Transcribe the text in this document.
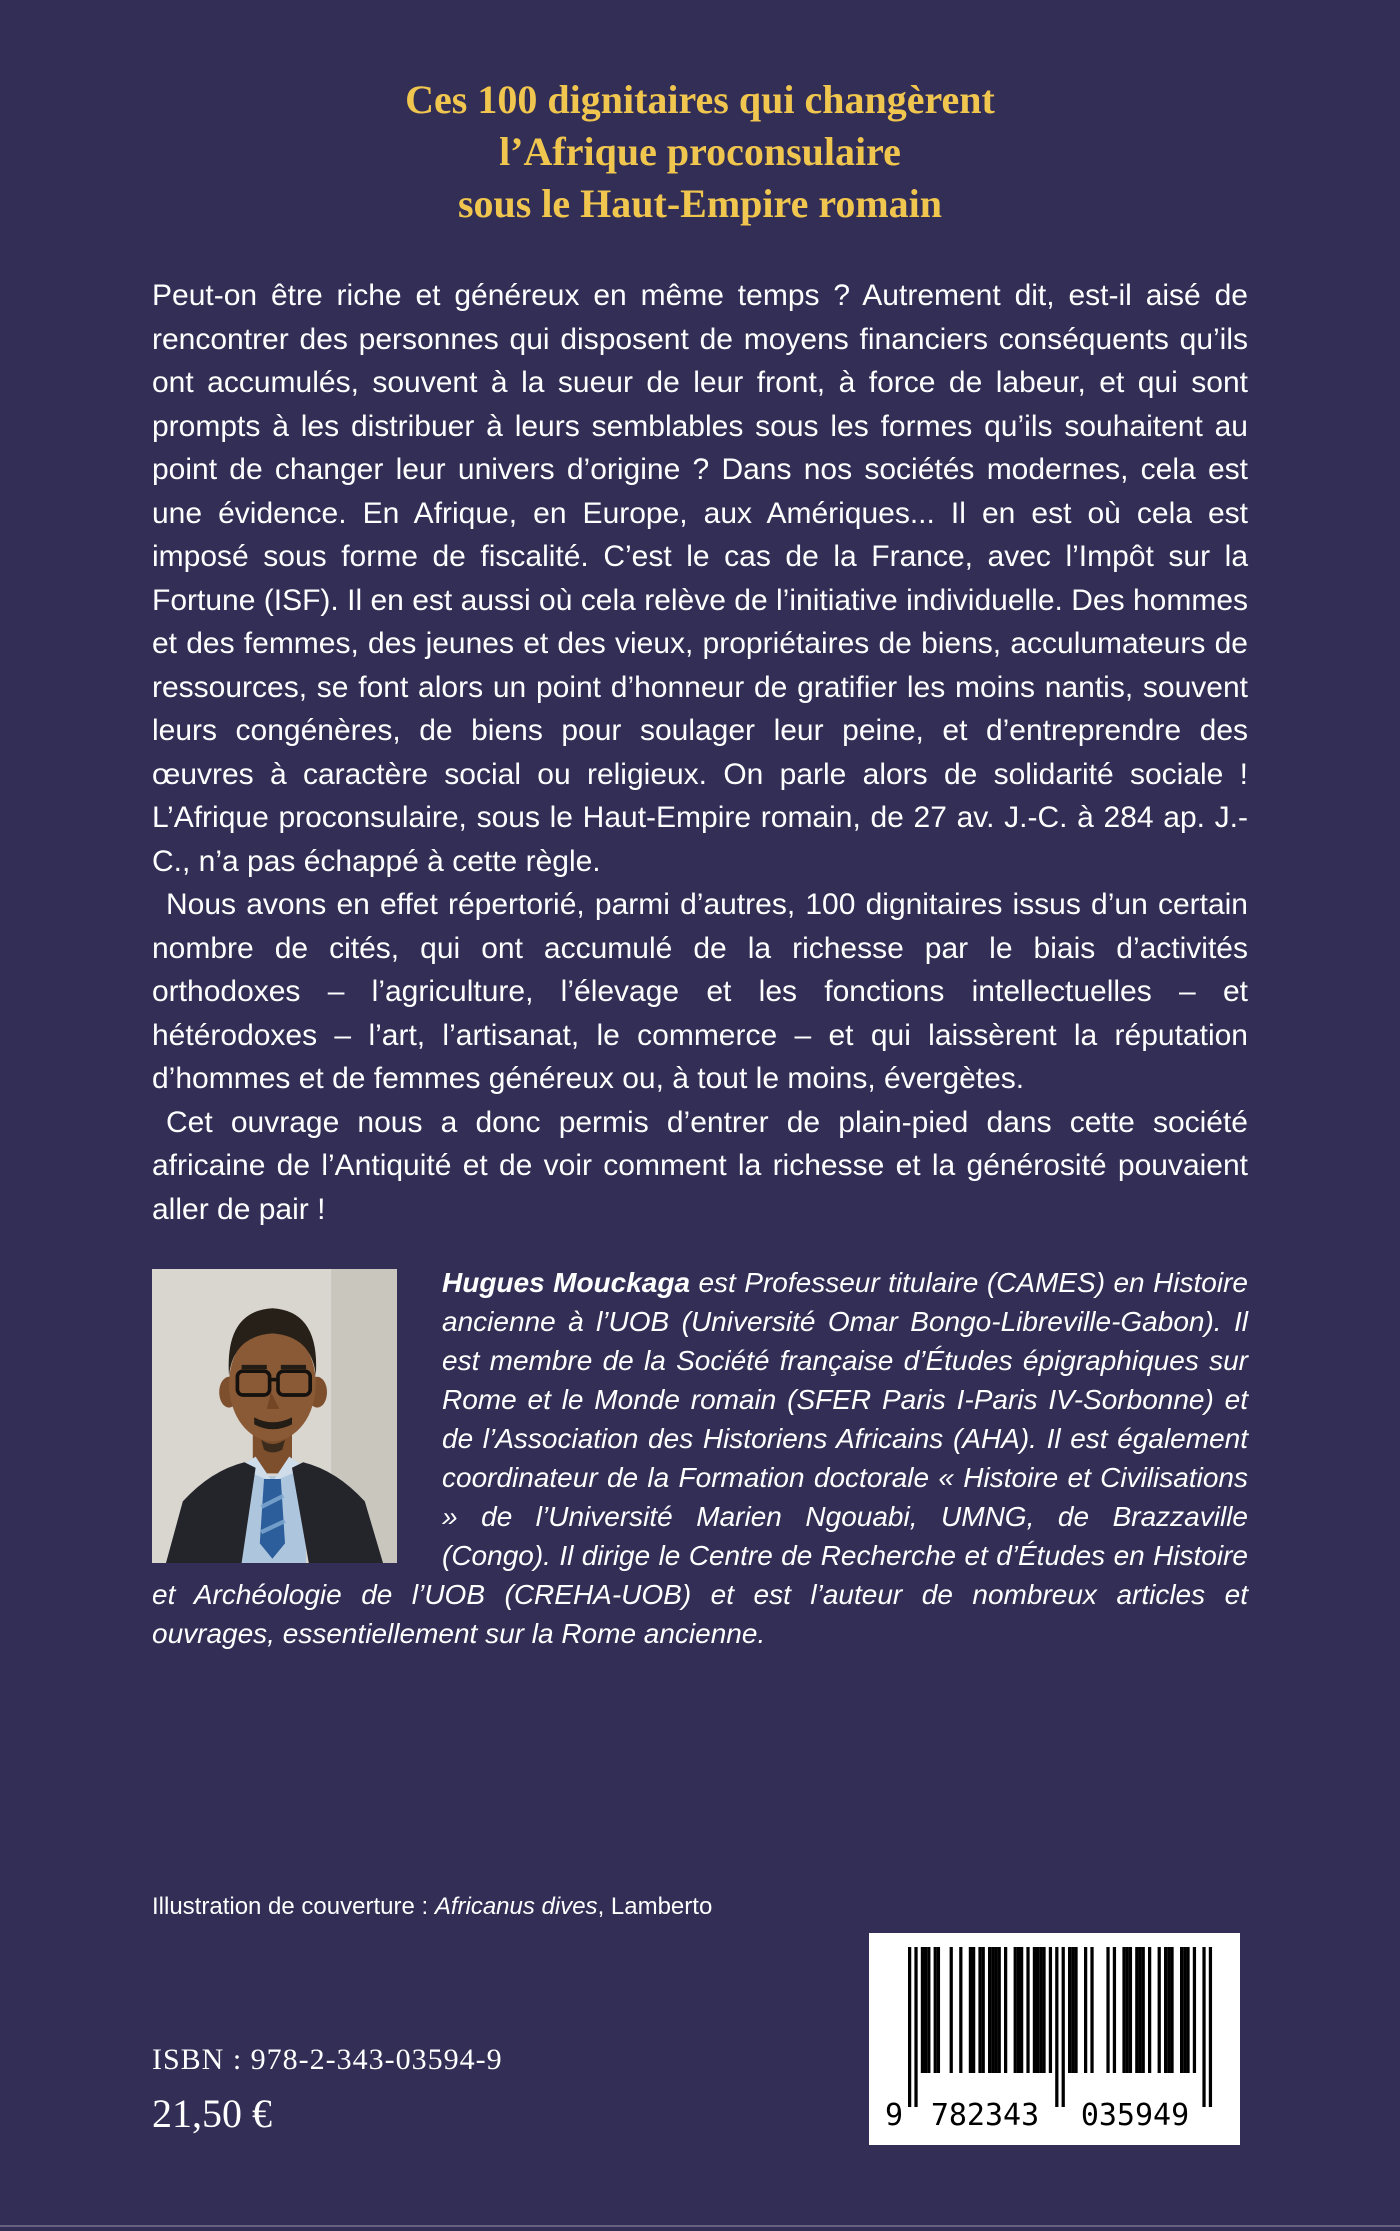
Ces 100 dignitaires qui changèrent
l’Afrique proconsulaire
sous le Haut-Empire romain

Peut-on être riche et généreux en même temps ? Autrement dit, est-il aisé de rencontrer des personnes qui disposent de moyens financiers conséquents qu’ils ont accumulés, souvent à la sueur de leur front, à force de labeur, et qui sont prompts à les distribuer à leurs semblables sous les formes qu’ils souhaitent au point de changer leur univers d’origine ? Dans nos sociétés modernes, cela est une évidence. En Afrique, en Europe, aux Amériques... Il en est où cela est imposé sous forme de fiscalité. C’est le cas de la France, avec l’Impôt sur la Fortune (ISF). Il en est aussi où cela relève de l’initiative individuelle. Des hommes et des femmes, des jeunes et des vieux, propriétaires de biens, acculumateurs de ressources, se font alors un point d’honneur de gratifier les moins nantis, souvent leurs congénères, de biens pour soulager leur peine, et d’entreprendre des œuvres à caractère social ou religieux. On parle alors de solidarité sociale ! L’Afrique proconsulaire, sous le Haut-Empire romain, de 27 av. J.-C. à 284 ap. J.-C., n’a pas échappé à cette règle.

Nous avons en effet répertorié, parmi d’autres, 100 dignitaires issus d’un certain nombre de cités, qui ont accumulé de la richesse par le biais d’activités orthodoxes – l’agriculture, l’élevage et les fonctions intellectuelles – et hétérodoxes – l’art, l’artisanat, le commerce – et qui laissèrent la réputation d’hommes et de femmes généreux ou, à tout le moins, évergètes.

Cet ouvrage nous a donc permis d’entrer de plain-pied dans cette société africaine de l’Antiquité et de voir comment la richesse et la générosité pouvaient aller de pair !

Hugues Mouckaga est Professeur titulaire (CAMES) en Histoire ancienne à l’UOB (Université Omar Bongo-Libreville-Gabon). Il est membre de la Société française d’Études épigraphiques sur Rome et le Monde romain (SFER Paris I-Paris IV-Sorbonne) et de l’Association des Historiens Africains (AHA). Il est également coordinateur de la Formation doctorale « Histoire et Civilisations » de l’Université Marien Ngouabi, UMNG, de Brazzaville (Congo). Il dirige le Centre de Recherche et d’Études en Histoire et Archéologie de l’UOB (CREHA-UOB) et est l’auteur de nombreux articles et ouvrages, essentiellement sur la Rome ancienne.

Illustration de couverture : Africanus dives, Lamberto

ISBN : 978-2-343-03594-9

21,50 €	9 782343 035949
